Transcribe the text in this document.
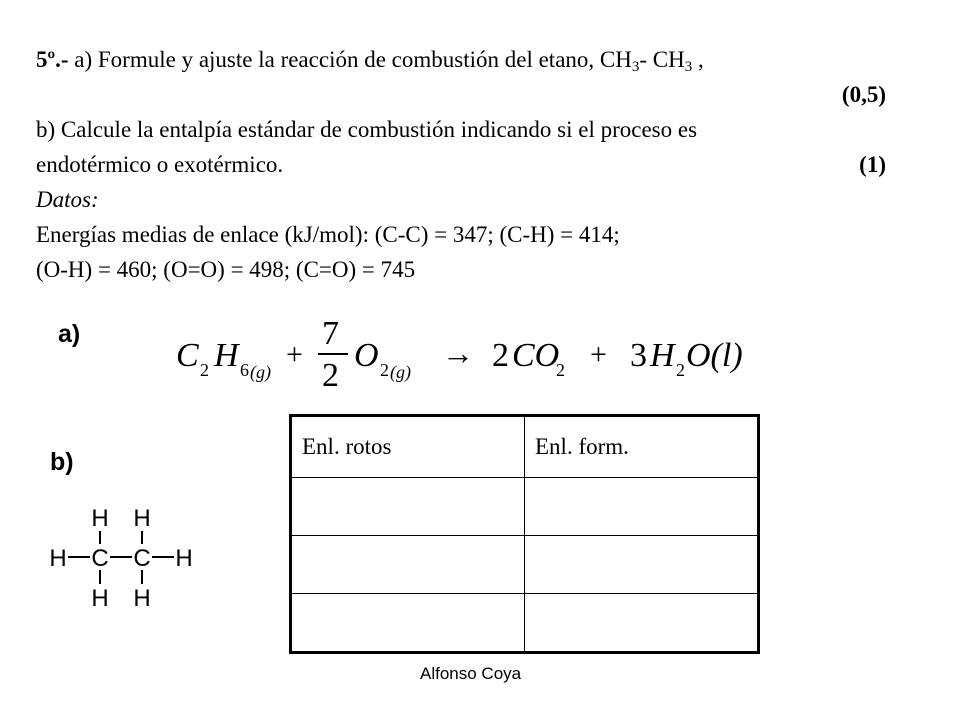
5º.- a) Formule y ajuste la reacción de combustión del etano, $CH_3-$ $CH_3$ ,
(0,5)
b) Calcule la entalpía estándar de combustión indicando si el proceso es
endotérmico o exotérmico.	(1)
Datos:
Energías medias de enlace (kJ/mol): (C-C) = 347; (C-H) = 414;
(O-H) = 460; (O=O) = 498; (C=O) = 745
a)
C 2 H 6 (g)
+
7
2
O 2 (g)
→ 2 CO
2 + 3 H 2 O(l)
b)
Enl. rotos	Enl. form.

H H
H C C H
H H
Alfonso Coya
